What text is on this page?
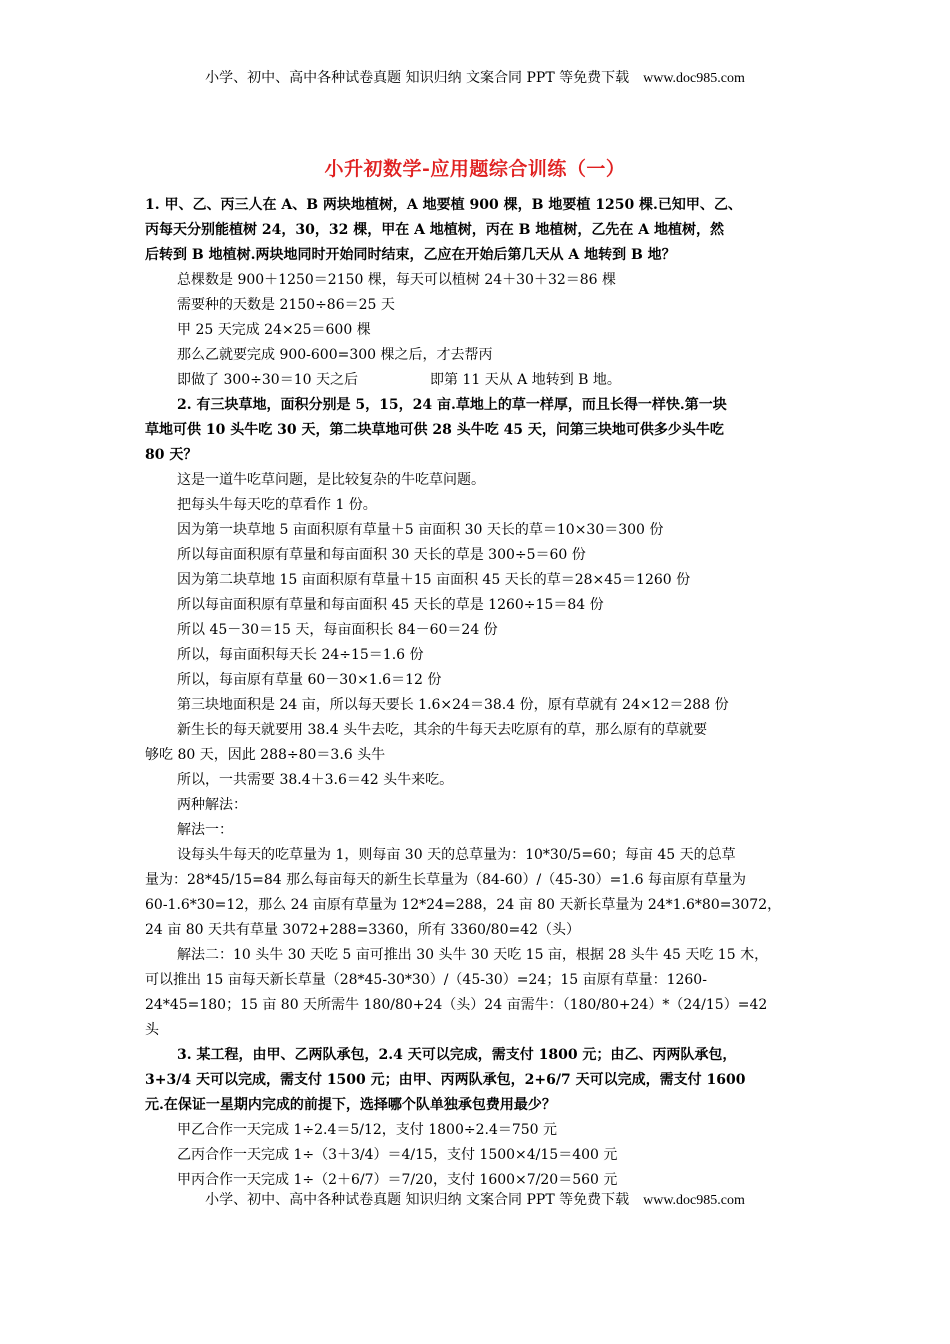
小学、初中、高中各种试卷真题 知识归纳 文案合同 PPT 等免费下载 www.doc985.com
小升初数学-应用题综合训练（一）

1. 甲、乙、丙三人在 A、B 两块地植树，A 地要植 900 棵，B 地要植 1250 棵.已知甲、乙、

丙每天分别能植树 24，30，32 棵，甲在 A 地植树，丙在 B 地植树，乙先在 A 地植树，然

后转到 B 地植树.两块地同时开始同时结束，乙应在开始后第几天从 A 地转到 B 地？

总棵数是 900＋1250＝2150 棵，每天可以植树 24＋30＋32＝86 棵

需要种的天数是 2150÷86＝25 天

甲 25 天完成 24×25＝600 棵

那么乙就要完成 900-600=300 棵之后，才去帮丙

即做了 300÷30＝10 天之后	即第 11 天从 A 地转到 B 地。

2. 有三块草地，面积分别是 5，15，24 亩.草地上的草一样厚，而且长得一样快.第一块

草地可供 10 头牛吃 30 天，第二块草地可供 28 头牛吃 45 天，问第三块地可供多少头牛吃

80 天？

这是一道牛吃草问题，是比较复杂的牛吃草问题。

把每头牛每天吃的草看作 1 份。

因为第一块草地 5 亩面积原有草量＋5 亩面积 30 天长的草＝10×30＝300 份

所以每亩面积原有草量和每亩面积 30 天长的草是 300÷5＝60 份

因为第二块草地 15 亩面积原有草量＋15 亩面积 45 天长的草＝28×45＝1260 份

所以每亩面积原有草量和每亩面积 45 天长的草是 1260÷15＝84 份

所以 45－30＝15 天，每亩面积长 84－60＝24 份

所以，每亩面积每天长 24÷15＝1.6 份

所以，每亩原有草量 60－30×1.6＝12 份

第三块地面积是 24 亩，所以每天要长 1.6×24＝38.4 份，原有草就有 24×12＝288 份

新生长的每天就要用 38.4 头牛去吃，其余的牛每天去吃原有的草，那么原有的草就要

够吃 80 天，因此 288÷80＝3.6 头牛

所以，一共需要 38.4＋3.6＝42 头牛来吃。

两种解法：

解法一：

设每头牛每天的吃草量为 1，则每亩 30 天的总草量为：10*30/5=60；每亩 45 天的总草

量为：28*45/15=84 那么每亩每天的新生长草量为（84-60）/（45-30）=1.6 每亩原有草量为

60-1.6*30=12，那么 24 亩原有草量为 12*24=288，24 亩 80 天新长草量为 24*1.6*80=3072，

24 亩 80 天共有草量 3072+288=3360，所有 3360/80=42（头）

解法二：10 头牛 30 天吃 5 亩可推出 30 头牛 30 天吃 15 亩，根据 28 头牛 45 天吃 15 木，

可以推出 15 亩每天新长草量（28*45-30*30）/（45-30）=24；15 亩原有草量：1260-

24*45=180；15 亩 80 天所需牛 180/80+24（头）24 亩需牛：（180/80+24）*（24/15）=42

头

3. 某工程，由甲、乙两队承包，2.4 天可以完成，需支付 1800 元；由乙、丙两队承包，

3+3/4 天可以完成，需支付 1500 元；由甲、丙两队承包，2+6/7 天可以完成，需支付 1600

元.在保证一星期内完成的前提下，选择哪个队单独承包费用最少？

甲乙合作一天完成 1÷2.4＝5/12，支付 1800÷2.4＝750 元

乙丙合作一天完成 1÷（3＋3/4）＝4/15，支付 1500×4/15＝400 元

甲丙合作一天完成 1÷（2＋6/7）＝7/20，支付 1600×7/20＝560 元

小学、初中、高中各种试卷真题 知识归纳 文案合同 PPT 等免费下载 www.doc985.com
